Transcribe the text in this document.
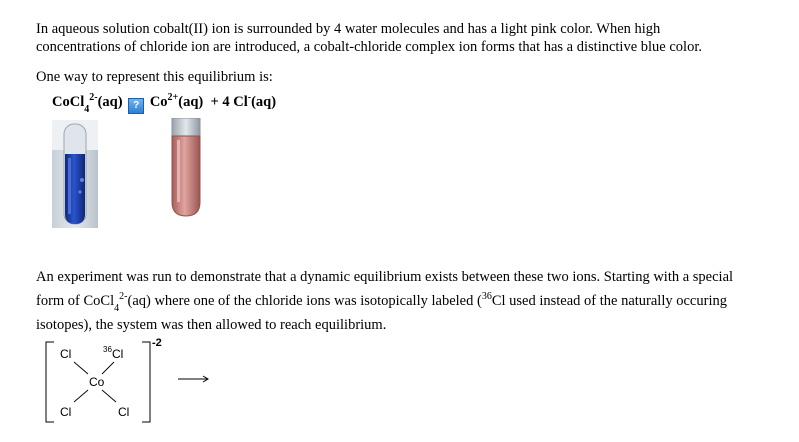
In aqueous solution cobalt(II) ion is surrounded by 4 water molecules and has a light pink color. When high
concentrations of chloride ion are introduced, a cobalt-chloride complex ion forms that has a distinctive blue color.
One way to represent this equilibrium is:
CoCl$_4^{2-}$(aq) ? $Co^{2+}(aq) + 4$ Cl-(aq)
An experiment was run to demonstrate that a dynamic equilibrium exists between these two ions. Starting with a special
form of CoCl$_4^{2-}$(aq) where one of the chloride ions was isotopically labeled ($^{36}$Cl used instead of the naturally occuring
isotopes), the system was then allowed to reach equilibrium.
-2
Cl	36 Cl
Co
Cl	Cl
